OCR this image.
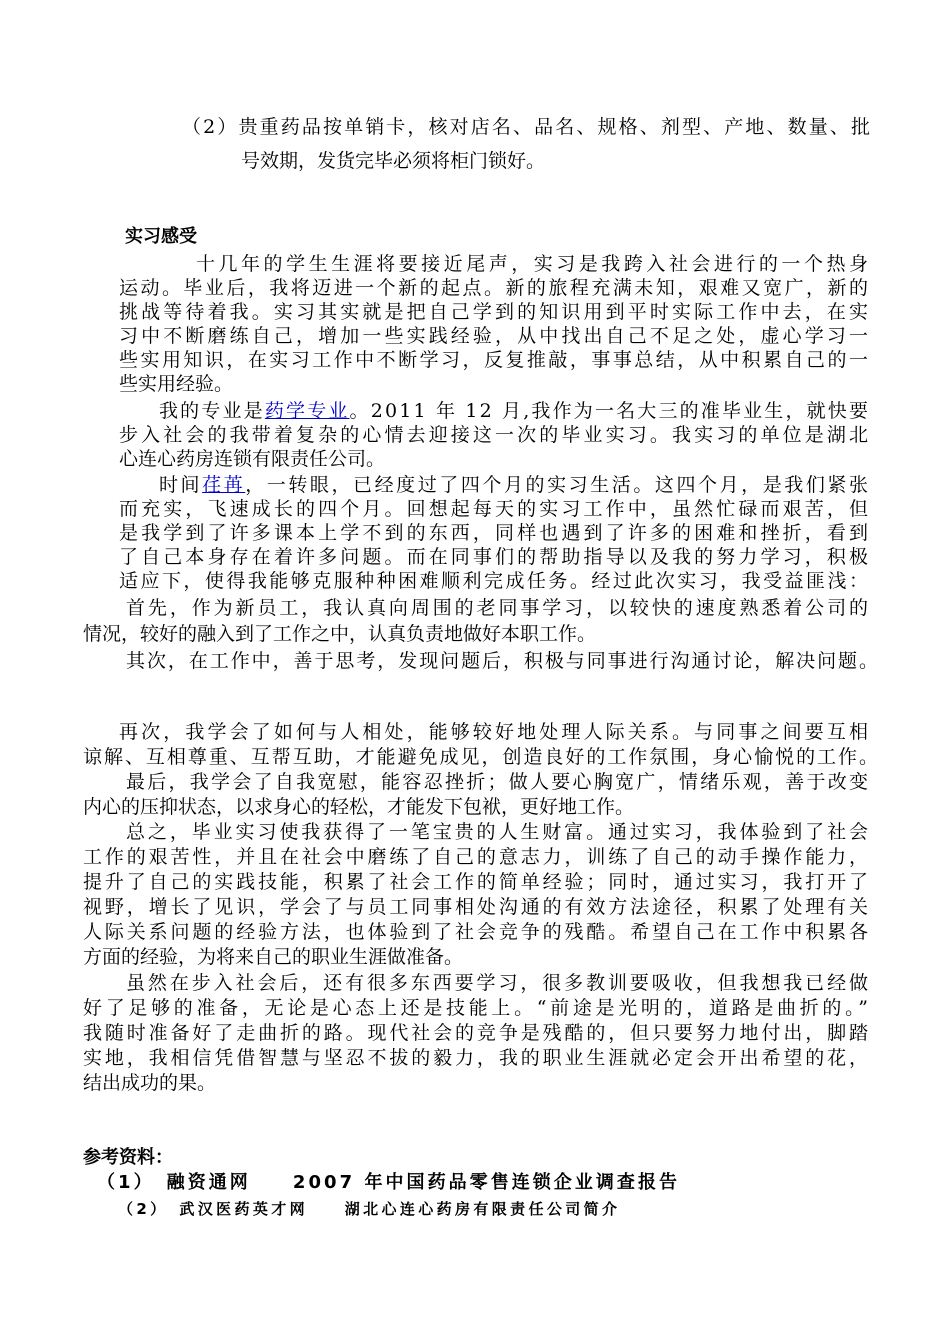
（2）贵重药品按单销卡，核对店名、品名、规格、剂型、产地、数量、批
号效期，发货完毕必须将柜门锁好。
实习感受
十几年的学生生涯将要接近尾声，实习是我跨入社会进行的一个热身
运动。毕业后，我将迈进一个新的起点。新的旅程充满未知，艰难又宽广，新的
挑战等待着我。实习其实就是把自己学到的知识用到平时实际工作中去，在实
习中不断磨练自己，增加一些实践经验，从中找出自己不足之处，虚心学习一
些实用知识，在实习工作中不断学习，反复推敲，事事总结，从中积累自己的一
些实用经验。
我的专业是药学专业。2011 年 12 月,我作为一名大三的准毕业生，就快要
步入社会的我带着复杂的心情去迎接这一次的毕业实习。我实习的单位是湖北
心连心药房连锁有限责任公司。
时间荏苒，一转眼，已经度过了四个月的实习生活。这四个月，是我们紧张
而充实，飞速成长的四个月。回想起每天的实习工作中，虽然忙碌而艰苦，但
是我学到了许多课本上学不到的东西，同样也遇到了许多的困难和挫折，看到
了自己本身存在着许多问题。而在同事们的帮助指导以及我的努力学习，积极
适应下，使得我能够克服种种困难顺利完成任务。经过此次实习，我受益匪浅：
首先，作为新员工，我认真向周围的老同事学习，以较快的速度熟悉着公司的
情况，较好的融入到了工作之中，认真负责地做好本职工作。
其次，在工作中，善于思考，发现问题后，积极与同事进行沟通讨论，解决问题。
再次，我学会了如何与人相处，能够较好地处理人际关系。与同事之间要互相
谅解、互相尊重、互帮互助，才能避免成见，创造良好的工作氛围，身心愉悦的工作。
最后，我学会了自我宽慰，能容忍挫折；做人要心胸宽广，情绪乐观，善于改变
内心的压抑状态，以求身心的轻松，才能发下包袱，更好地工作。
总之，毕业实习使我获得了一笔宝贵的人生财富。通过实习，我体验到了社会
工作的艰苦性，并且在社会中磨练了自己的意志力，训练了自己的动手操作能力，
提升了自己的实践技能，积累了社会工作的简单经验；同时，通过实习，我打开了
视野，增长了见识，学会了与员工同事相处沟通的有效方法途径，积累了处理有关
人际关系问题的经验方法，也体验到了社会竞争的残酷。希望自己在工作中积累各
方面的经验，为将来自己的职业生涯做准备。
虽然在步入社会后，还有很多东西要学习，很多教训要吸收，但我想我已经做
好了足够的准备，无论是心态上还是技能上。“前途是光明的，道路是曲折的。”
我随时准备好了走曲折的路。现代社会的竞争是残酷的，但只要努力地付出，脚踏
实地，我相信凭借智慧与坚忍不拔的毅力，我的职业生涯就必定会开出希望的花，
结出成功的果。
参考资料：
（1）　融资通网　　2007 年中国药品零售连锁企业调查报告
（2）　武汉医药英才网　　湖北心连心药房有限责任公司简介
